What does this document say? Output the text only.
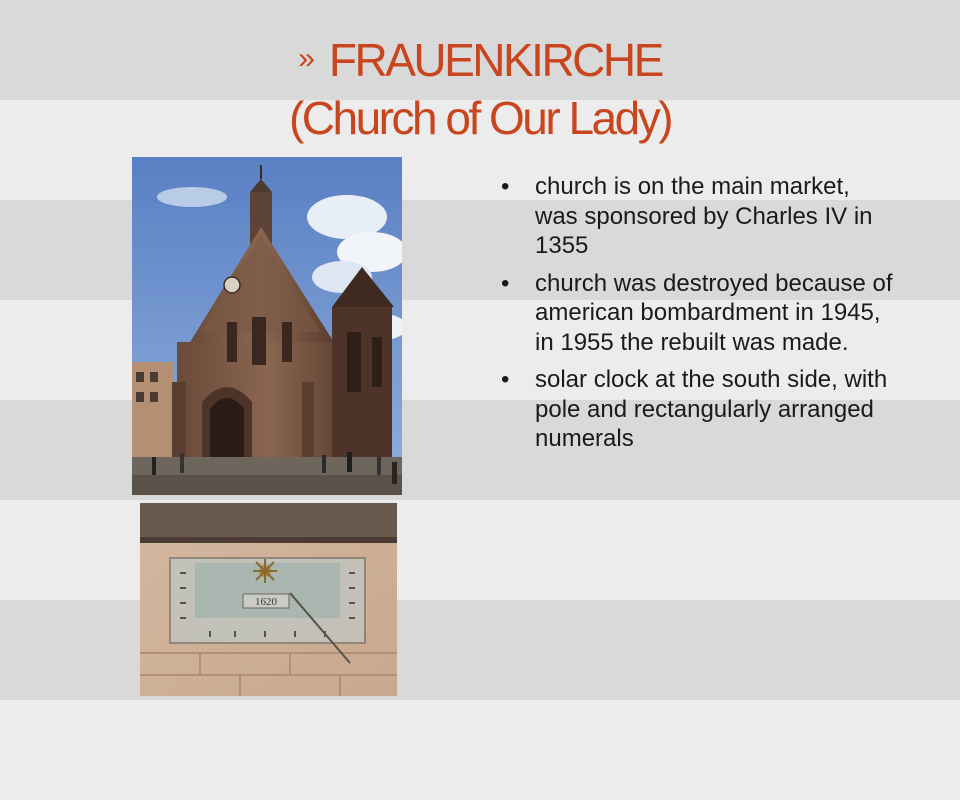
» FRAUENKIRCHE
(Church of Our Lady)
1620
• church is on the main market, was sponsored by Charles IV in 1355
• church was destroyed because of american bombardment in 1945, in 1955 the rebuilt was made.
• solar clock at the south side, with pole and rectangularly arranged numerals
